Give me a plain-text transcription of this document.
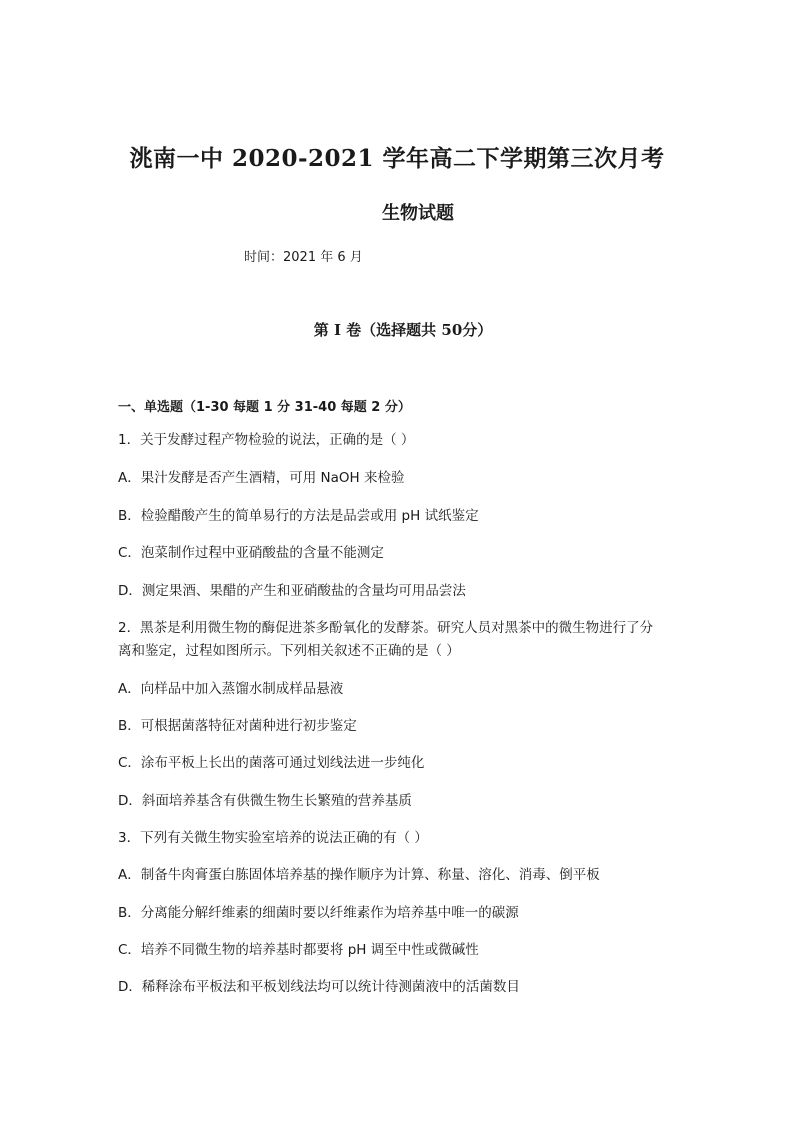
洮南一中 2020-2021 学年高二下学期第三次月考
生物试题
时间：2021 年 6 月
第 I 卷（选择题共 50分）
一、单选题（1-30 每题 1 分 31-40 每题 2 分）
1．关于发酵过程产物检验的说法，正确的是（ ）
A．果汁发酵是否产生酒精，可用 NaOH 来检验
B．检验醋酸产生的简单易行的方法是品尝或用 pH 试纸鉴定
C．泡菜制作过程中亚硝酸盐的含量不能测定
D．测定果酒、果醋的产生和亚硝酸盐的含量均可用品尝法
2．黑茶是利用微生物的酶促进茶多酚氧化的发酵茶。研究人员对黑茶中的微生物进行了分
离和鉴定，过程如图所示。下列相关叙述不正确的是（ ）
A．向样品中加入蒸馏水制成样品悬液
B．可根据菌落特征对菌种进行初步鉴定
C．涂布平板上长出的菌落可通过划线法进一步纯化
D．斜面培养基含有供微生物生长繁殖的营养基质
3．下列有关微生物实验室培养的说法正确的有（ ）
A．制备牛肉膏蛋白胨固体培养基的操作顺序为计算、称量、溶化、消毒、倒平板
B．分离能分解纤维素的细菌时要以纤维素作为培养基中唯一的碳源
C．培养不同微生物的培养基时都要将 pH 调至中性或微碱性
D．稀释涂布平板法和平板划线法均可以统计待测菌液中的活菌数目
